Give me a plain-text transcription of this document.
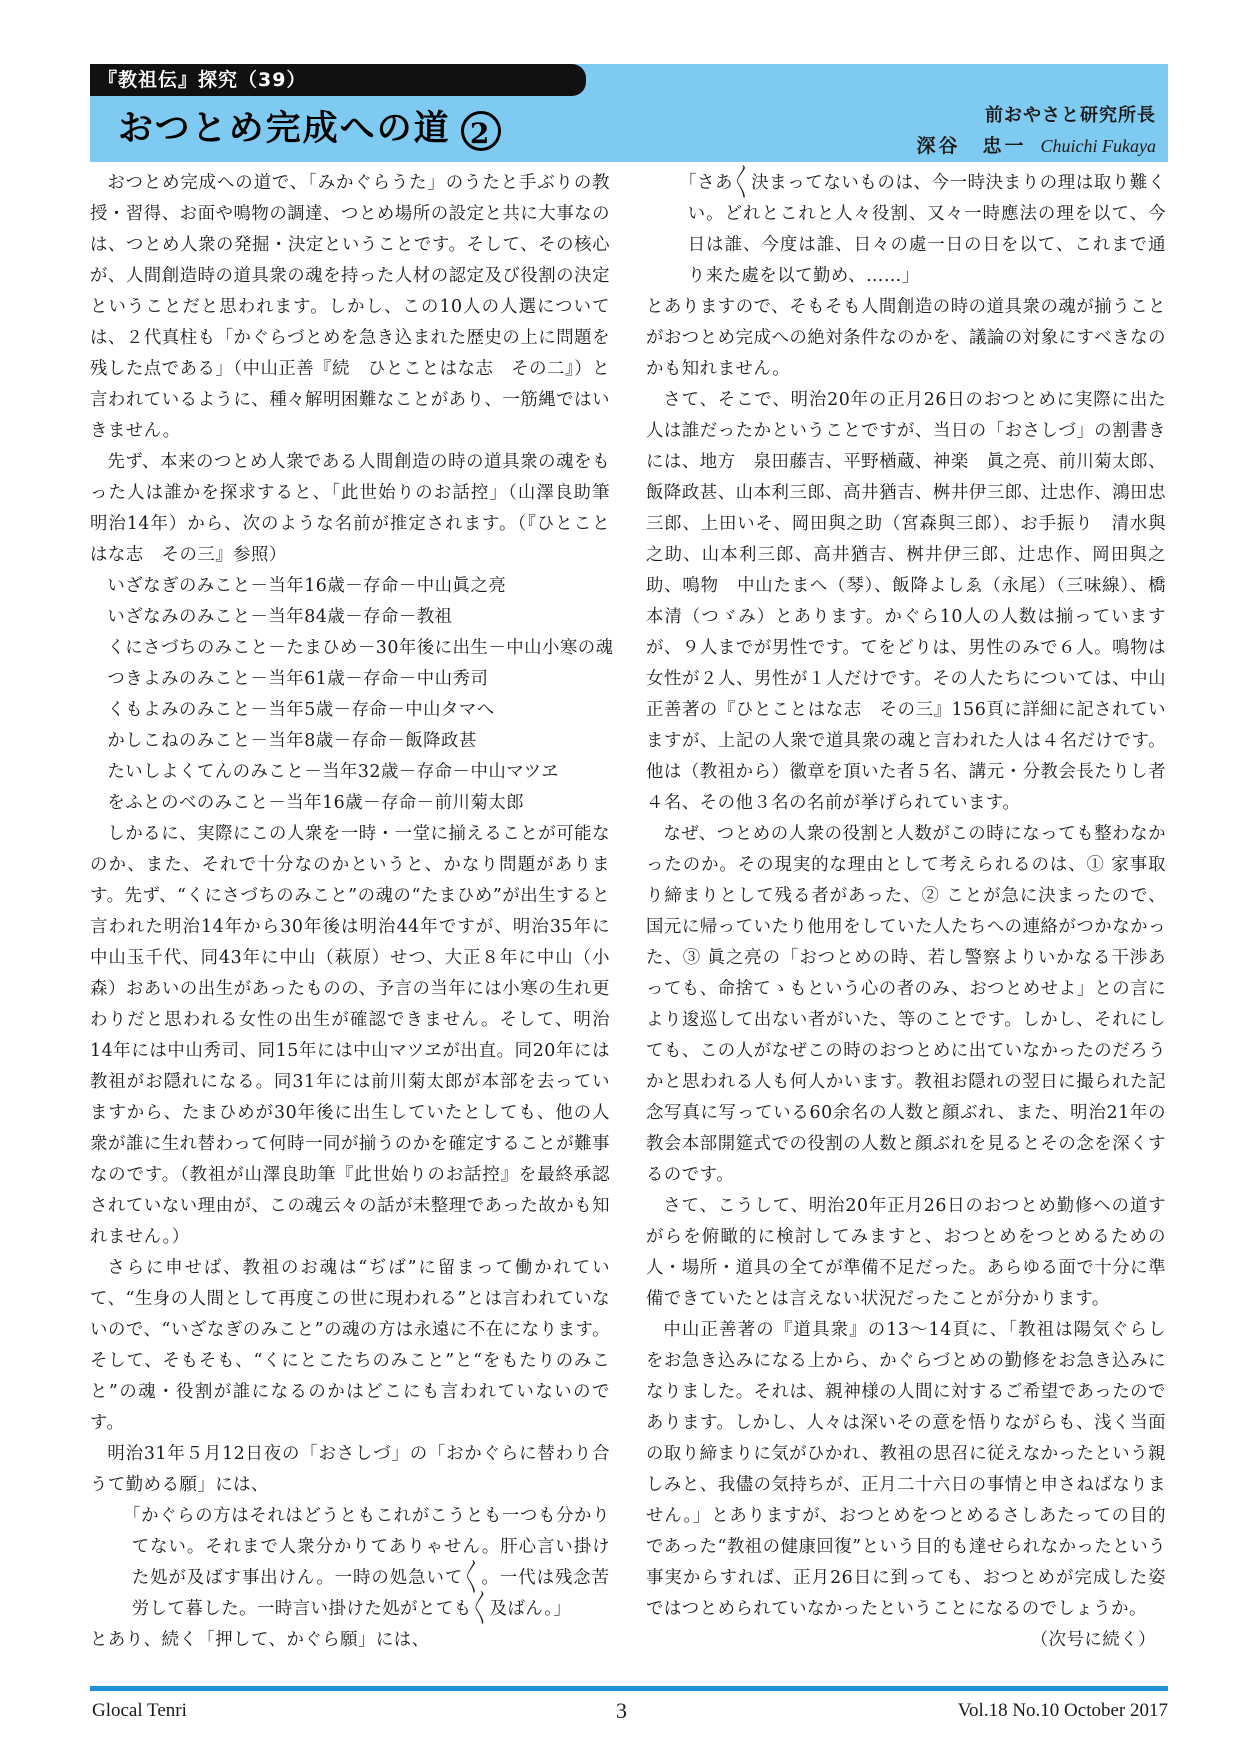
『教祖伝』探究（39）
おつとめ完成への道 2
前おやさと研究所長
深谷　忠一 Chuichi Fukaya

おつとめ完成への道で、「みかぐらうた」のうたと手ぶりの教授・習得、お面や鳴物の調達、つとめ場所の設定と共に大事なのは、つとめ人衆の発掘・決定ということです。そして、その核心が、人間創造時の道具衆の魂を持った人材の認定及び役割の決定ということだと思われます。しかし、この10人の人選については、２代真柱も「かぐらづとめを急き込まれた歴史の上に問題を残した点である」（中山正善『続　ひとことはな志　その二』）と言われているように、種々解明困難なことがあり、一筋縄ではいきません。

先ず、本来のつとめ人衆である人間創造の時の道具衆の魂をもった人は誰かを探求すると、「此世始りのお話控」（山澤良助筆　明治14年）から、次のような名前が推定されます。（『ひとことはな志　その三』参照）

いざなぎのみこと－当年16歳－存命－中山眞之亮

いざなみのみこと－当年84歳－存命－教祖

くにさづちのみこと－たまひめ－30年後に出生－中山小寒の魂

つきよみのみこと－当年61歳－存命－中山秀司

くもよみのみこと－当年5歳－存命－中山タマへ

かしこねのみこと－当年8歳－存命－飯降政甚

たいしよくてんのみこと－当年32歳－存命－中山マツヱ

をふとのべのみこと－当年16歳－存命－前川菊太郎

しかるに、実際にこの人衆を一時・一堂に揃えることが可能なのか、また、それで十分なのかというと、かなり問題があります。先ず、“くにさづちのみこと”の魂の“たまひめ”が出生すると言われた明治14年から30年後は明治44年ですが、明治35年に中山玉千代、同43年に中山（萩原）せつ、大正８年に中山（小森）おあいの出生があったものの、予言の当年には小寒の生れ更わりだと思われる女性の出生が確認できません。そして、明治14年には中山秀司、同15年には中山マツヱが出直。同20年には教祖がお隠れになる。同31年には前川菊太郎が本部を去っていますから、たまひめが30年後に出生していたとしても、他の人衆が誰に生れ替わって何時一同が揃うのかを確定することが難事なのです。（教祖が山澤良助筆『此世始りのお話控』を最終承認されていない理由が、この魂云々の話が未整理であった故かも知れません。）

さらに申せば、教祖のお魂は“ぢば”に留まって働かれていて、“生身の人間として再度この世に現われる”とは言われていないので、“いざなぎのみこと”の魂の方は永遠に不在になります。そして、そもそも、“くにとこたちのみこと”と“をもたりのみこと”の魂・役割が誰になるのかはどこにも言われていないのです。

明治31年５月12日夜の「おさしづ」の「おかぐらに替わり合うて勤める願」には、

「かぐらの方はそれはどうともこれがこうとも一つも分かりてない。それまで人衆分かりてありゃせん。肝心言い掛けた処が及ばす事出けん。一時の処急いて〳〵。一代は残念苦労して暮した。一時言い掛けた処がとても〳〵及ばん。」

とあり、続く「押して、かぐら願」には、

「さあ〳〵決まってないものは、今一時決まりの理は取り難くい。どれとこれと人々役割、又々一時應法の理を以て、今日は誰、今度は誰、日々の處一日の日を以て、これまで通り来た處を以て勤め、……」

とありますので、そもそも人間創造の時の道具衆の魂が揃うことがおつとめ完成への絶対条件なのかを、議論の対象にすべきなのかも知れません。

さて、そこで、明治20年の正月26日のおつとめに実際に出た人は誰だったかということですが、当日の「おさしづ」の割書きには、地方　泉田藤吉、平野楢蔵、神楽　眞之亮、前川菊太郎、飯降政甚、山本利三郎、高井猶吉、桝井伊三郎、辻忠作、鴻田忠三郎、上田いそ、岡田與之助（宮森與三郎）、お手振り　清水與之助、山本利三郎、高井猶吉、桝井伊三郎、辻忠作、岡田與之助、鳴物　中山たまへ（琴）、飯降よしゑ（永尾）（三味線）、橋本清（つゞみ）とあります。かぐら10人の人数は揃っていますが、９人までが男性です。てをどりは、男性のみで６人。鳴物は女性が２人、男性が１人だけです。その人たちについては、中山正善著の『ひとことはな志　その三』156頁に詳細に記されていますが、上記の人衆で道具衆の魂と言われた人は４名だけです。他は（教祖から）徽章を頂いた者５名、講元・分教会長たりし者４名、その他３名の名前が挙げられています。

なぜ、つとめの人衆の役割と人数がこの時になっても整わなかったのか。その現実的な理由として考えられるのは、① 家事取り締まりとして残る者があった、② ことが急に決まったので、国元に帰っていたり他用をしていた人たちへの連絡がつかなかった、③ 眞之亮の「おつとめの時、若し警察よりいかなる干渉あっても、命捨てゝもという心の者のみ、おつとめせよ」との言により逡巡して出ない者がいた、等のことです。しかし、それにしても、この人がなぜこの時のおつとめに出ていなかったのだろうかと思われる人も何人かいます。教祖お隠れの翌日に撮られた記念写真に写っている60余名の人数と顔ぶれ、また、明治21年の教会本部開筵式での役割の人数と顔ぶれを見るとその念を深くするのです。

さて、こうして、明治20年正月26日のおつとめ勤修への道すがらを俯瞰的に検討してみますと、おつとめをつとめるための人・場所・道具の全てが準備不足だった。あらゆる面で十分に準備できていたとは言えない状況だったことが分かります。

中山正善著の『道具衆』の13～14頁に、「教祖は陽気ぐらしをお急き込みになる上から、かぐらづとめの勤修をお急き込みになりました。それは、親神様の人間に対するご希望であったのであります。しかし、人々は深いその意を悟りながらも、浅く当面の取り締まりに気がひかれ、教祖の思召に従えなかったという親しみと、我儘の気持ちが、正月二十六日の事情と申さねばなりません。」とありますが、おつとめをつとめるさしあたっての目的であった“教祖の健康回復”という目的も達せられなかったという事実からすれば、正月26日に到っても、おつとめが完成した姿ではつとめられていなかったということになるのでしょうか。

（次号に続く）

Glocal Tenri	3	Vol.18 No.10 October 2017
